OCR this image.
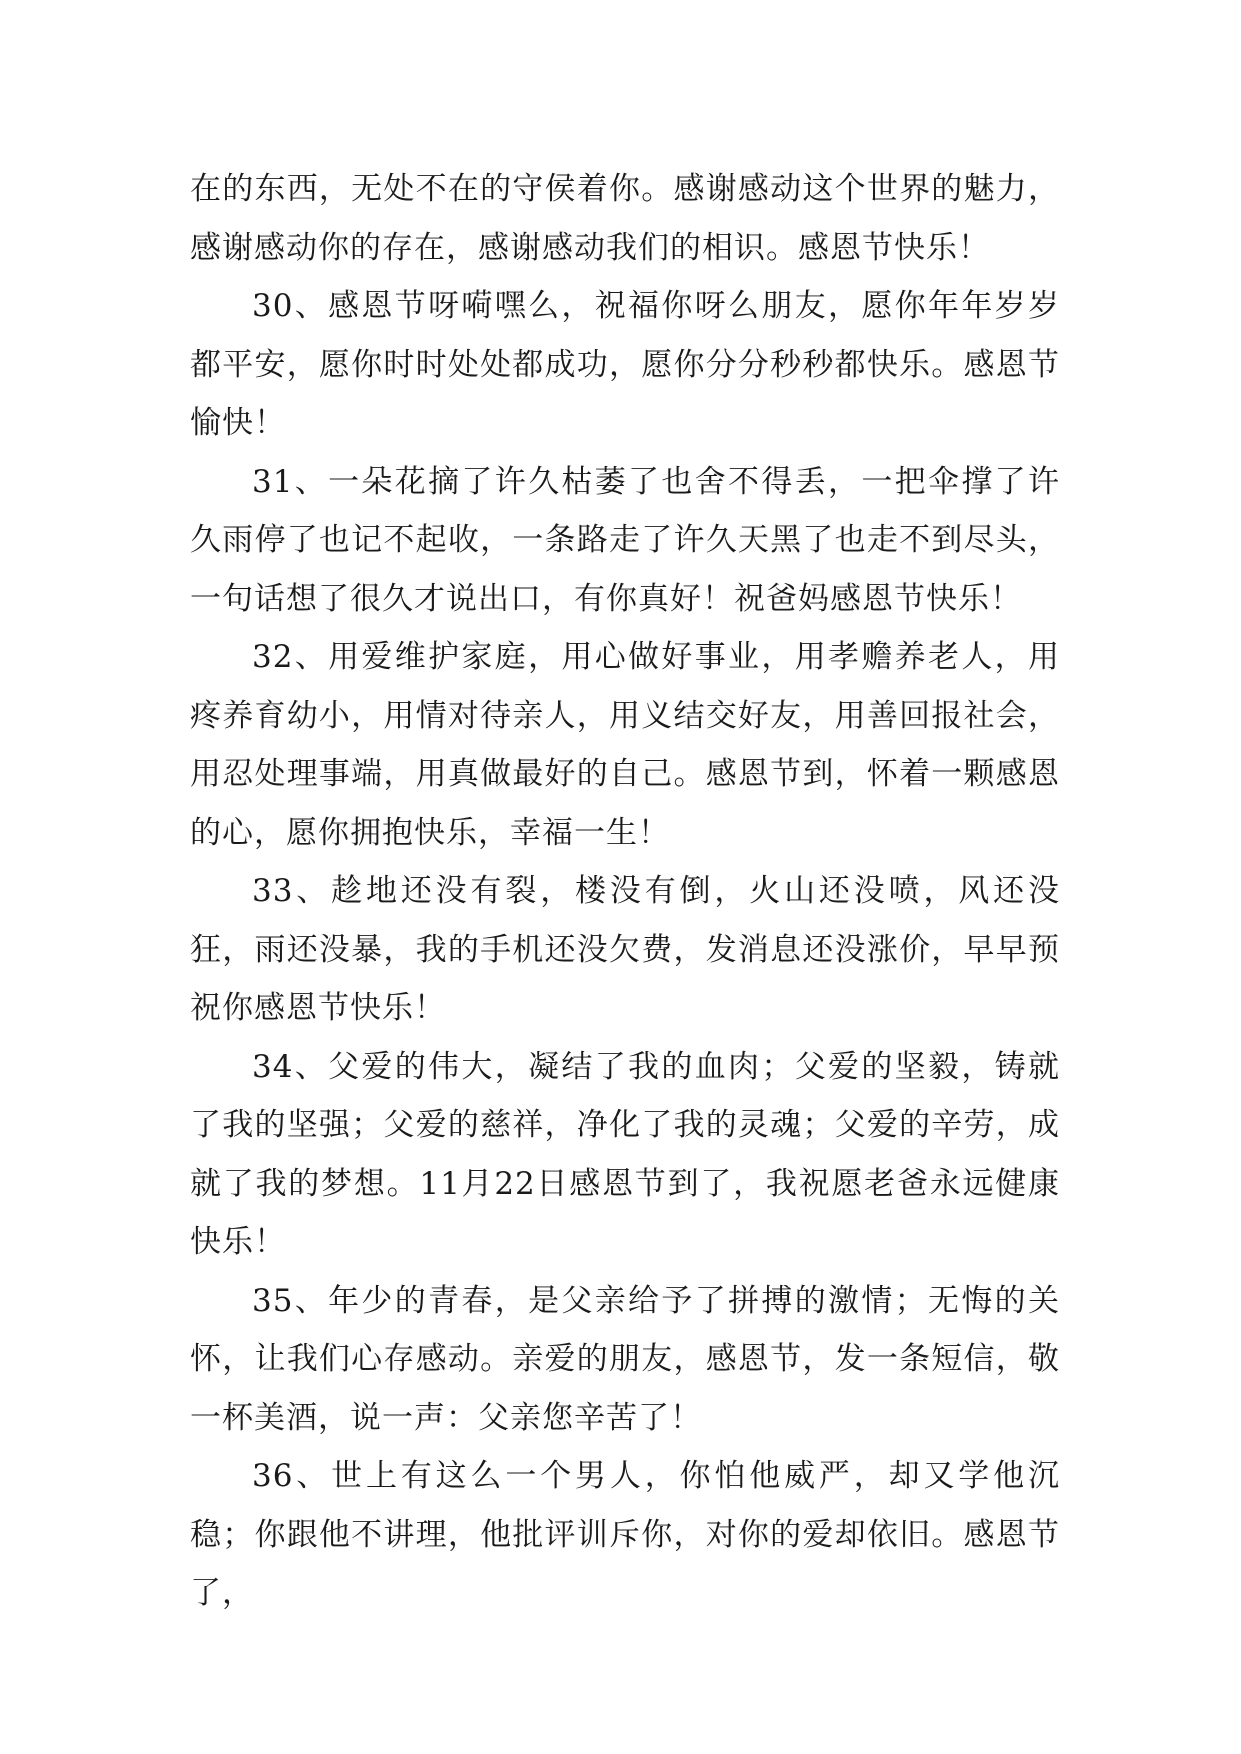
在的东西，无处不在的守侯着你。感谢感动这个世界的魅力，感谢感动你的存在，感谢感动我们的相识。感恩节快乐！

30、感恩节呀嗬嘿么，祝福你呀么朋友，愿你年年岁岁都平安，愿你时时处处都成功，愿你分分秒秒都快乐。感恩节愉快！

31、一朵花摘了许久枯萎了也舍不得丢，一把伞撑了许久雨停了也记不起收，一条路走了许久天黑了也走不到尽头，一句话想了很久才说出口，有你真好！祝爸妈感恩节快乐！

32、用爱维护家庭，用心做好事业，用孝赡养老人，用疼养育幼小，用情对待亲人，用义结交好友，用善回报社会，用忍处理事端，用真做最好的自己。感恩节到，怀着一颗感恩的心，愿你拥抱快乐，幸福一生！

33、趁地还没有裂，楼没有倒，火山还没喷，风还没狂，雨还没暴，我的手机还没欠费，发消息还没涨价，早早预祝你感恩节快乐！

34、父爱的伟大，凝结了我的血肉；父爱的坚毅，铸就了我的坚强；父爱的慈祥，净化了我的灵魂；父爱的辛劳，成就了我的梦想。11月22日感恩节到了，我祝愿老爸永远健康快乐！

35、年少的青春，是父亲给予了拼搏的激情；无悔的关怀，让我们心存感动。亲爱的朋友，感恩节，发一条短信，敬一杯美酒，说一声：父亲您辛苦了！

36、世上有这么一个男人，你怕他威严，却又学他沉稳；你跟他不讲理，他批评训斥你，对你的爱却依旧。感恩节了，
